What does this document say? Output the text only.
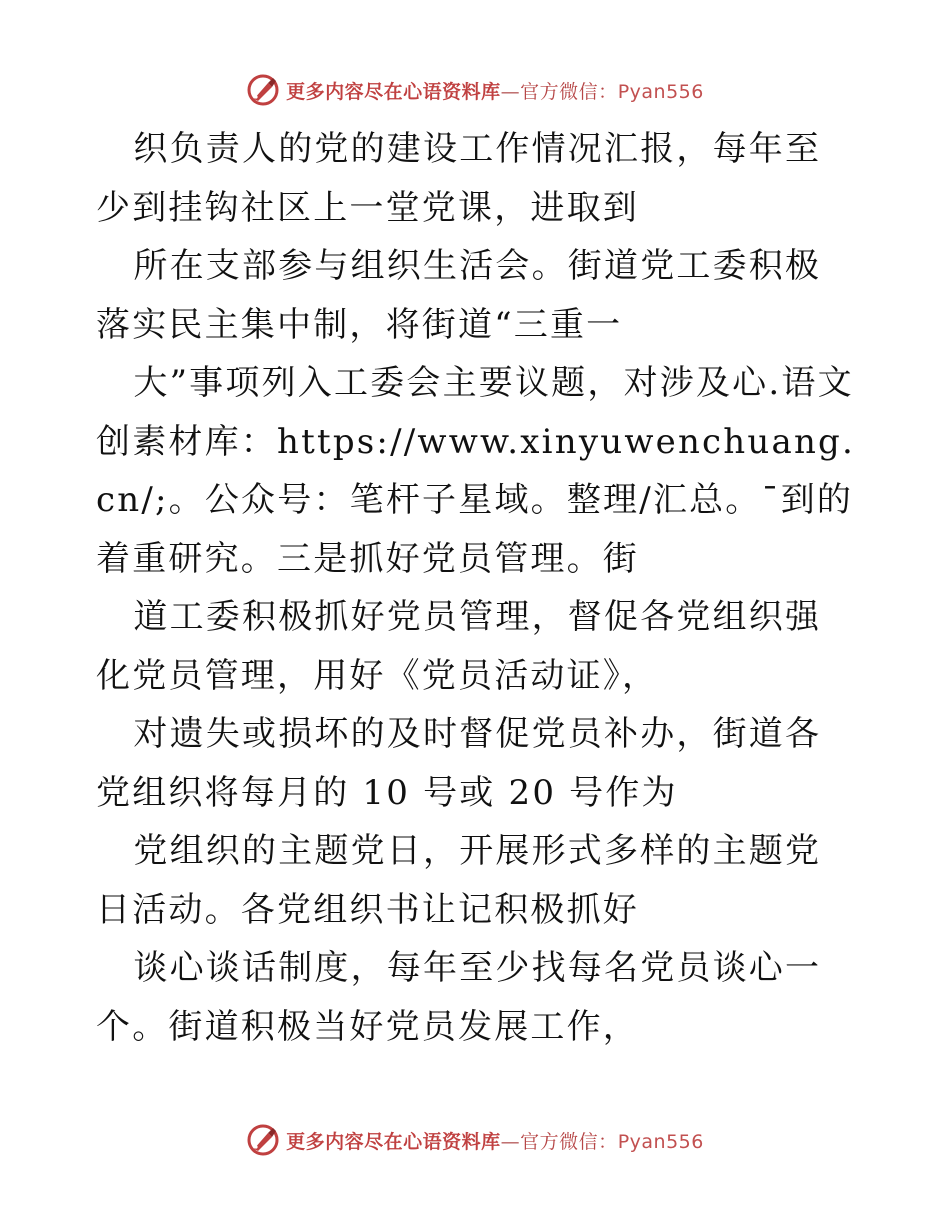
更多内容尽在心语资料库—官方微信：Pyan556

织负责人的党的建设工作情况汇报，每年至少到挂钩社区上一堂党课，进取到

所在支部参与组织生活会。街道党工委积极落实民主集中制，将街道“三重一

大”事项列入工委会主要议题，对涉及心.语文创素材库：https://www.xinyuwenchuang.cn/;。公众号：笔杆子星域。整理/汇总。¯到的着重研究。三是抓好党员管理。街

道工委积极抓好党员管理，督促各党组织强化党员管理，用好《党员活动证》，

对遗失或损坏的及时督促党员补办，街道各党组织将每月的 10 号或 20 号作为

党组织的主题党日，开展形式多样的主题党日活动。各党组织书让记积极抓好

谈心谈话制度，每年至少找每名党员谈心一个。街道积极当好党员发展工作，

更多内容尽在心语资料库—官方微信：Pyan556
